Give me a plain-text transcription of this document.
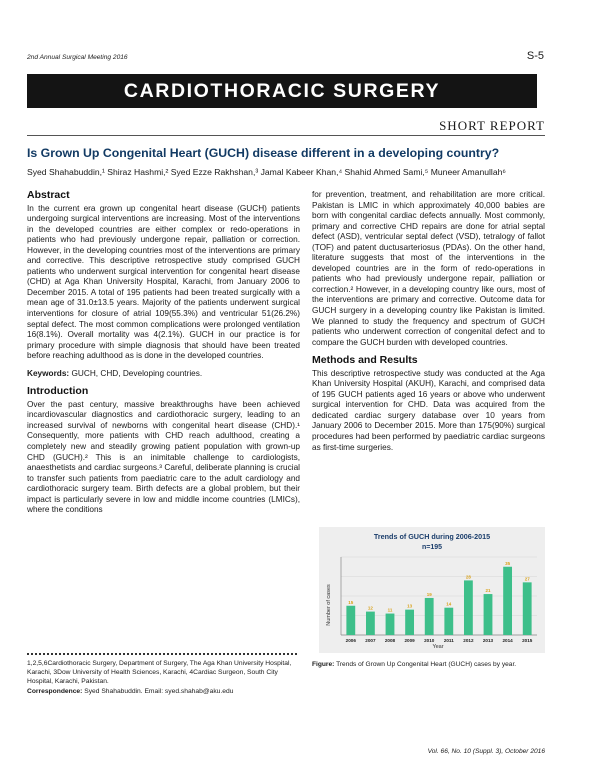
2nd Annual Surgical Meeting 2016	S-5
CARDIOTHORACIC SURGERY
SHORT REPORT
Is Grown Up Congenital Heart (GUCH) disease different in a developing country?
Syed Shahabuddin,¹ Shiraz Hashmi,² Syed Ezze Rakhshan,³ Jamal Kabeer Khan,⁴ Shahid Ahmed Sami,⁵ Muneer Amanullah⁶
Abstract

In the current era grown up congenital heart disease (GUCH) patients undergoing surgical interventions are increasing. Most of the interventions in the developed countries are either complex or redo-operations in patients who had previously undergone repair, palliation or correction. However, in the developing countries most of the interventions are primary and corrective. This descriptive retrospective study comprised GUCH patients who underwent surgical intervention for congenital heart disease (CHD) at Aga Khan University Hospital, Karachi, from January 2006 to December 2015. A total of 195 patients had been treated surgically with a mean age of 31.0±13.5 years. Majority of the patients underwent surgical interventions for closure of atrial 109(55.3%) and ventricular 51(26.2%) septal defect. The most common complications were prolonged ventilation 16(8.1%). Overall mortality was 4(2.1%). GUCH in our practice is for primary procedure with simple diagnosis that should have been treated before reaching adulthood as is done in the developed countries.

Keywords: GUCH, CHD, Developing countries.

Introduction

Over the past century, massive breakthroughs have been achieved incardiovascular diagnostics and cardiothoracic surgery, leading to an increased survival of newborns with congenital heart disease (CHD).¹ Consequently, more patients with CHD reach adulthood, creating a completely new and steadily growing patient population with grown-up CHD (GUCH).² This is an inimitable challenge to cardiologists, anaesthetists and cardiac surgeons.³ Careful, deliberate planning is crucial to transfer such patients from paediatric care to the adult cardiology and cardiothoracic surgery team. Birth defects are a global problem, but their impact is particularly severe in low and middle income countries (LMICs), where the conditions

1,2,5,6Cardiothoracic Surgery, Department of Surgery, The Aga Khan University Hospital, Karachi, 3Dow University of Health Sciences, Karachi, 4Cardiac Surgeon, South City Hospital, Karachi, Pakistan.
Correspondence: Syed Shahabuddin. Email: syed.shahab@aku.edu

for prevention, treatment, and rehabilitation are more critical. Pakistan is LMIC in which approximately 40,000 babies are born with congenital cardiac defects annually. Most commonly, primary and corrective CHD repairs are done for atrial septal defect (ASD), ventricular septal defect (VSD), tetralogy of fallot (TOF) and patent ductusarteriosus (PDAs). On the other hand, literature suggests that most of the interventions in the developed countries are in the form of redo-operations in patients who had previously undergone repair, palliation or correction.² However, in a developing country like ours, most of the interventions are primary and corrective. Outcome data for GUCH surgery in a developing country like Pakistan is limited. We planned to study the frequency and spectrum of GUCH patients who underwent correction of congenital defect and to compare the GUCH burden with developed countries.

Methods and Results

This descriptive retrospective study was conducted at the Aga Khan University Hospital (AKUH), Karachi, and comprised data of 195 GUCH patients aged 16 years or above who underwent surgical intervention for CHD. Data was acquired from the dedicated cardiac surgery database over 10 years from January 2006 to December 2015. More than 175(90%) surgical procedures had been performed by paediatric cardiac surgeons as first-time surgeries.

Trends of GUCH during 2006-2015
n=195
Number of cases
Year
15
2006
12
2007
11
2008
13
2009
19
2010
14
2011
28
2012
21
2013
35
2014
27
2015
Figure: Trends of Grown Up Congenital Heart (GUCH) cases by year.
Vol. 66, No. 10 (Suppl. 3), October 2016
